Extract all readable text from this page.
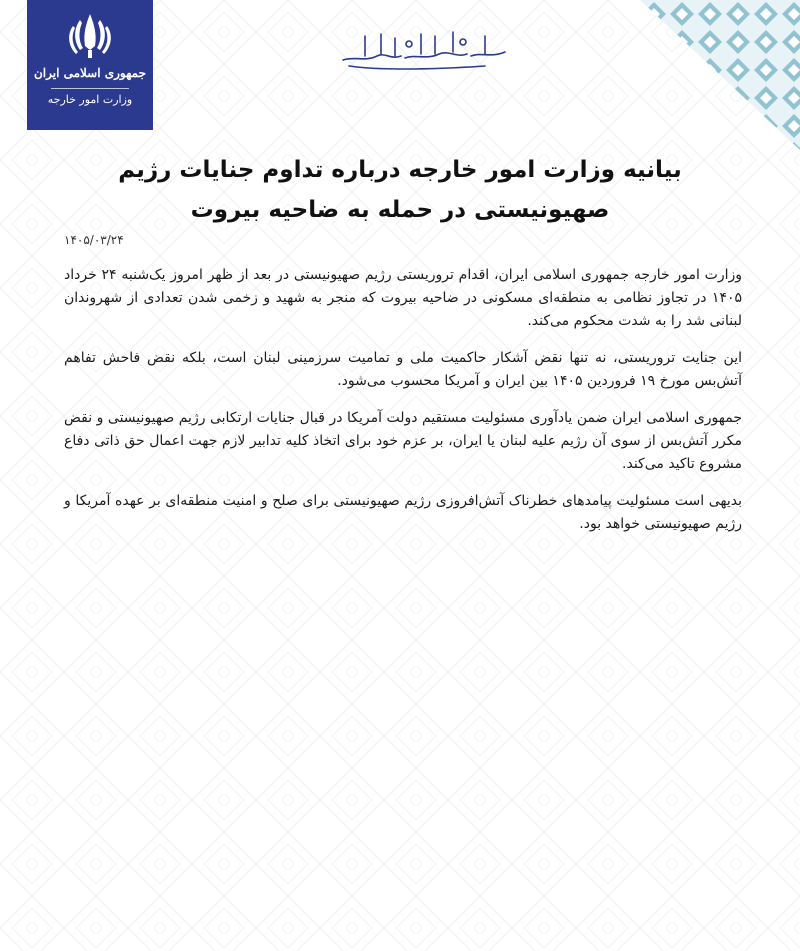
جمهوری اسلامی ایران
وزارت امور خارجه
بیانیه وزارت امور خارجه درباره تداوم جنایات رژیم صهیونیستی در حمله به ضاحیه بیروت
۱۴۰۵/۰۳/۲۴

وزارت امور خارجه جمهوری اسلامی ایران، اقدام تروریستی رژیم صهیونیستی در بعد از ظهر امروز یک‌شنبه ۲۴ خرداد ۱۴۰۵ در تجاوز نظامی به منطقه‌ای مسکونی در ضاحیه بیروت که منجر به شهید و زخمی شدن تعدادی از شهروندان لبنانی شد را به شدت محکوم می‌کند.

این جنایت تروریستی، نه تنها نقض آشکار حاکمیت ملی و تمامیت سرزمینی لبنان است، بلکه نقض فاحش تفاهم آتش‌بس مورخ ۱۹ فروردین ۱۴۰۵ بین ایران و آمریکا محسوب می‌شود.

جمهوری اسلامی ایران ضمن یادآوری مسئولیت مستقیم دولت آمریکا در قبال جنایات ارتکابی رژیم صهیونیستی و نقض مکرر آتش‌بس از سوی آن رژیم علیه لبنان یا ایران، بر عزم خود برای اتخاذ کلیه تدابیر لازم جهت اعمال حق ذاتی دفاع مشروع تاکید می‌کند.

بدیهی است مسئولیت پیامدهای خطرناک آتش‌افروزی رژیم صهیونیستی برای صلح و امنیت منطقه‌ای بر عهده آمریکا و رژیم صهیونیستی خواهد بود.
